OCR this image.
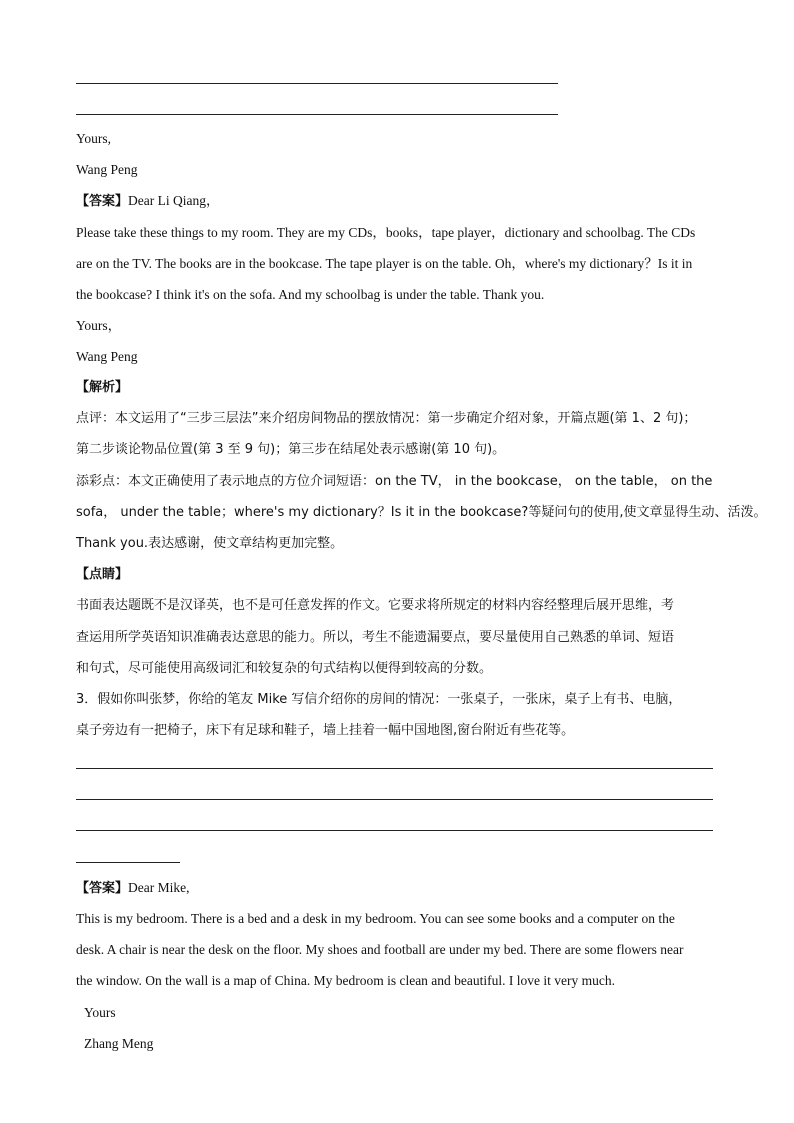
Yours,
Wang Peng
【答案】Dear Li Qiang，
Please take these things to my room. They are my CDs，books，tape player，dictionary and schoolbag. The CDs
are on the TV. The books are in the bookcase. The tape player is on the table. Oh，where's my dictionary？Is it in
the bookcase? I think it's on the sofa. And my schoolbag is under the table. Thank you.
Yours，
Wang Peng
【解析】
点评：本文运用了“三步三层法”来介绍房间物品的摆放情况：第一步确定介绍对象，开篇点题(第 1、2 句)；
第二步谈论物品位置(第 3 至 9 句)；第三步在结尾处表示感谢(第 10 句)。
添彩点：本文正确使用了表示地点的方位介词短语：on the TV， in the bookcase， on the table， on the
sofa， under the table；where's my dictionary？Is it in the bookcase?等疑问句的使用,使文章显得生动、活泼。
Thank you.表达感谢，使文章结构更加完整。
【点睛】
书面表达题既不是汉译英，也不是可任意发挥的作文。它要求将所规定的材料内容经整理后展开思维，考
查运用所学英语知识准确表达意思的能力。所以，考生不能遗漏要点，要尽量使用自己熟悉的单词、短语
和句式，尽可能使用高级词汇和较复杂的句式结构以便得到较高的分数。
3．假如你叫张梦，你给的笔友 Mike 写信介绍你的房间的情况：一张桌子，一张床，桌子上有书、电脑，
桌子旁边有一把椅子，床下有足球和鞋子，墙上挂着一幅中国地图,窗台附近有些花等。
【答案】Dear Mike,
This is my bedroom. There is a bed and a desk in my bedroom. You can see some books and a computer on the
desk. A chair is near the desk on the floor. My shoes and football are under my bed. There are some flowers near
the window. On the wall is a map of China. My bedroom is clean and beautiful. I love it very much.
Yours
Zhang Meng
